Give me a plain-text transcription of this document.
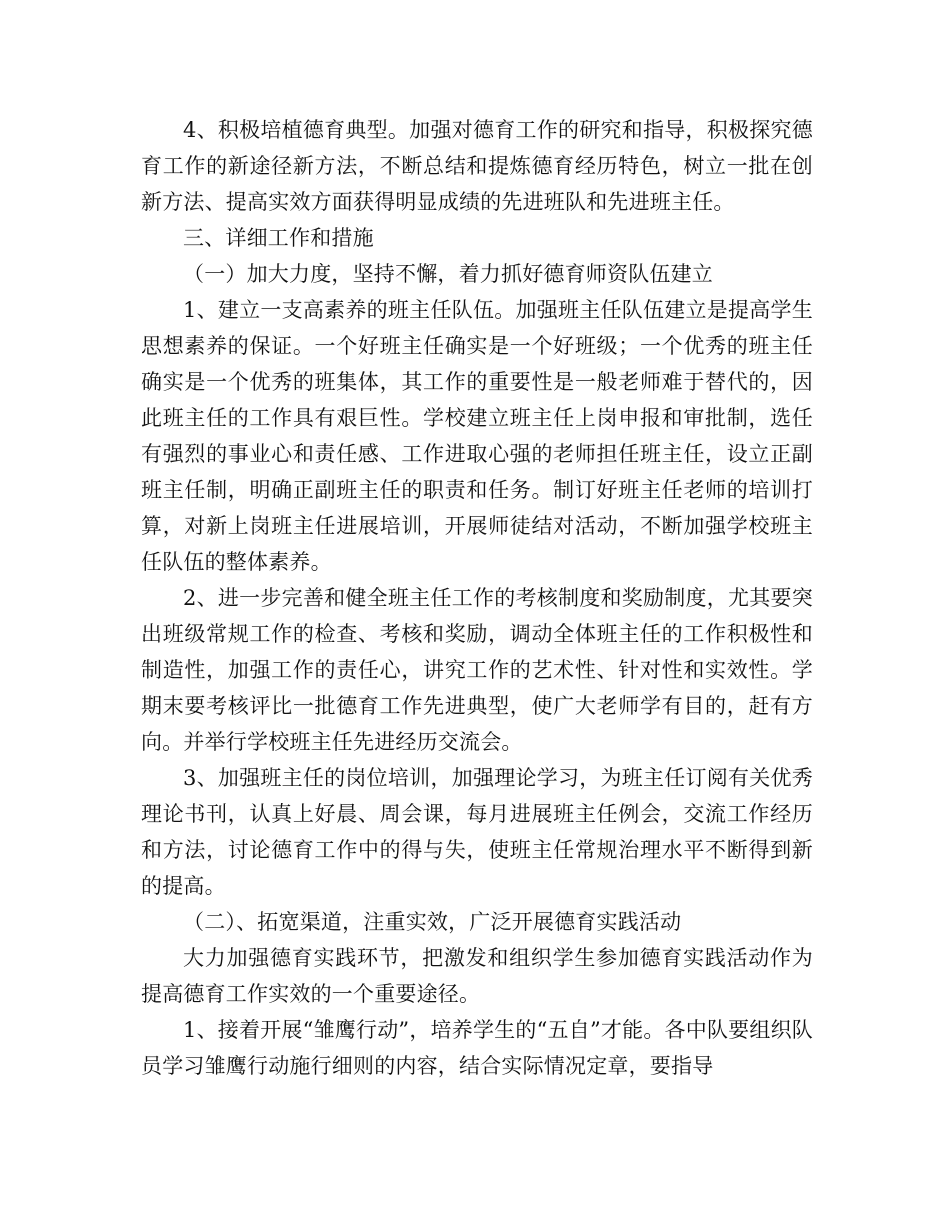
4、积极培植德育典型。加强对德育工作的研究和指导，积极探究德育工作的新途径新方法，不断总结和提炼德育经历特色，树立一批在创新方法、提高实效方面获得明显成绩的先进班队和先进班主任。

三、详细工作和措施

（一）加大力度，坚持不懈，着力抓好德育师资队伍建立

1、建立一支高素养的班主任队伍。加强班主任队伍建立是提高学生思想素养的保证。一个好班主任确实是一个好班级；一个优秀的班主任确实是一个优秀的班集体，其工作的重要性是一般老师难于替代的，因此班主任的工作具有艰巨性。学校建立班主任上岗申报和审批制，选任有强烈的事业心和责任感、工作进取心强的老师担任班主任，设立正副班主任制，明确正副班主任的职责和任务。制订好班主任老师的培训打算，对新上岗班主任进展培训，开展师徒结对活动，不断加强学校班主任队伍的整体素养。

2、进一步完善和健全班主任工作的考核制度和奖励制度，尤其要突出班级常规工作的检查、考核和奖励，调动全体班主任的工作积极性和制造性，加强工作的责任心，讲究工作的艺术性、针对性和实效性。学期末要考核评比一批德育工作先进典型，使广大老师学有目的，赶有方向。并举行学校班主任先进经历交流会。

3、加强班主任的岗位培训，加强理论学习，为班主任订阅有关优秀理论书刊，认真上好晨、周会课，每月进展班主任例会，交流工作经历和方法，讨论德育工作中的得与失，使班主任常规治理水平不断得到新的提高。

（二）、拓宽渠道，注重实效，广泛开展德育实践活动

大力加强德育实践环节，把激发和组织学生参加德育实践活动作为提高德育工作实效的一个重要途径。

1、接着开展“雏鹰行动”，培养学生的“五自”才能。各中队要组织队员学习雏鹰行动施行细则的内容，结合实际情况定章，要指导
